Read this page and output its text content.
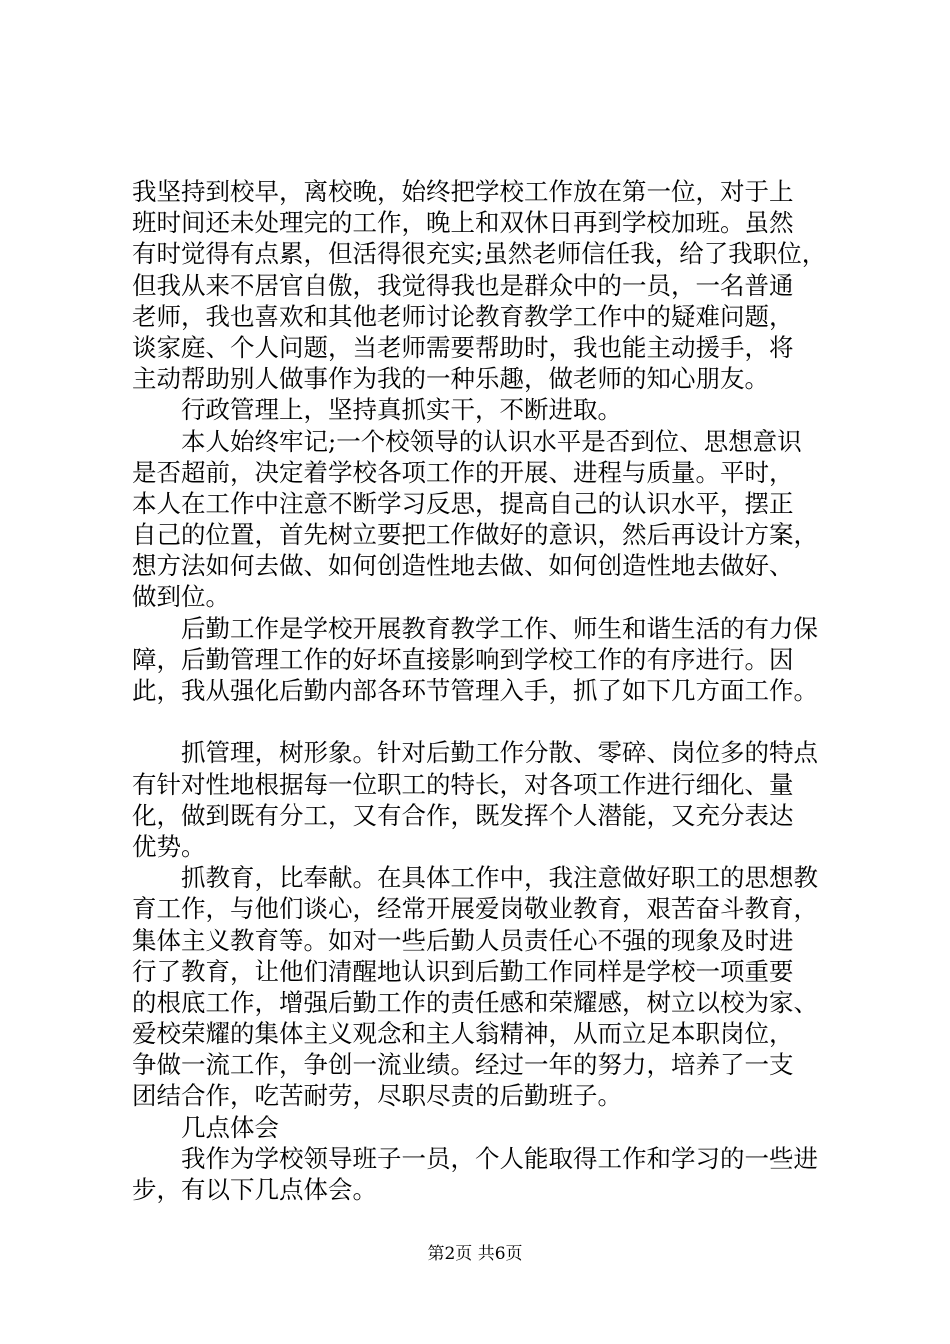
我坚持到校早，离校晚，始终把学校工作放在第一位，对于上
班时间还未处理完的工作，晚上和双休日再到学校加班。虽然
有时觉得有点累，但活得很充实;虽然老师信任我，给了我职位，
但我从来不居官自傲，我觉得我也是群众中的一员，一名普通
老师，我也喜欢和其他老师讨论教育教学工作中的疑难问题，
谈家庭、个人问题，当老师需要帮助时，我也能主动援手，将
主动帮助别人做事作为我的一种乐趣，做老师的知心朋友。
行政管理上，坚持真抓实干，不断进取。
本人始终牢记;一个校领导的认识水平是否到位、思想意识
是否超前，决定着学校各项工作的开展、进程与质量。平时，
本人在工作中注意不断学习反思，提高自己的认识水平，摆正
自己的位置，首先树立要把工作做好的意识，然后再设计方案，
想方法如何去做、如何创造性地去做、如何创造性地去做好、
做到位。
后勤工作是学校开展教育教学工作、师生和谐生活的有力保
障，后勤管理工作的好坏直接影响到学校工作的有序进行。因
此，我从强化后勤内部各环节管理入手，抓了如下几方面工作。
抓管理，树形象。针对后勤工作分散、零碎、岗位多的特点
有针对性地根据每一位职工的特长，对各项工作进行细化、量
化，做到既有分工，又有合作，既发挥个人潜能，又充分表达
优势。
抓教育，比奉献。在具体工作中，我注意做好职工的思想教
育工作，与他们谈心，经常开展爱岗敬业教育，艰苦奋斗教育，
集体主义教育等。如对一些后勤人员责任心不强的现象及时进
行了教育，让他们清醒地认识到后勤工作同样是学校一项重要
的根底工作，增强后勤工作的责任感和荣耀感，树立以校为家、
爱校荣耀的集体主义观念和主人翁精神，从而立足本职岗位，
争做一流工作，争创一流业绩。经过一年的努力，培养了一支
团结合作，吃苦耐劳，尽职尽责的后勤班子。
几点体会
我作为学校领导班子一员，个人能取得工作和学习的一些进
步，有以下几点体会。
第2页 共6页
